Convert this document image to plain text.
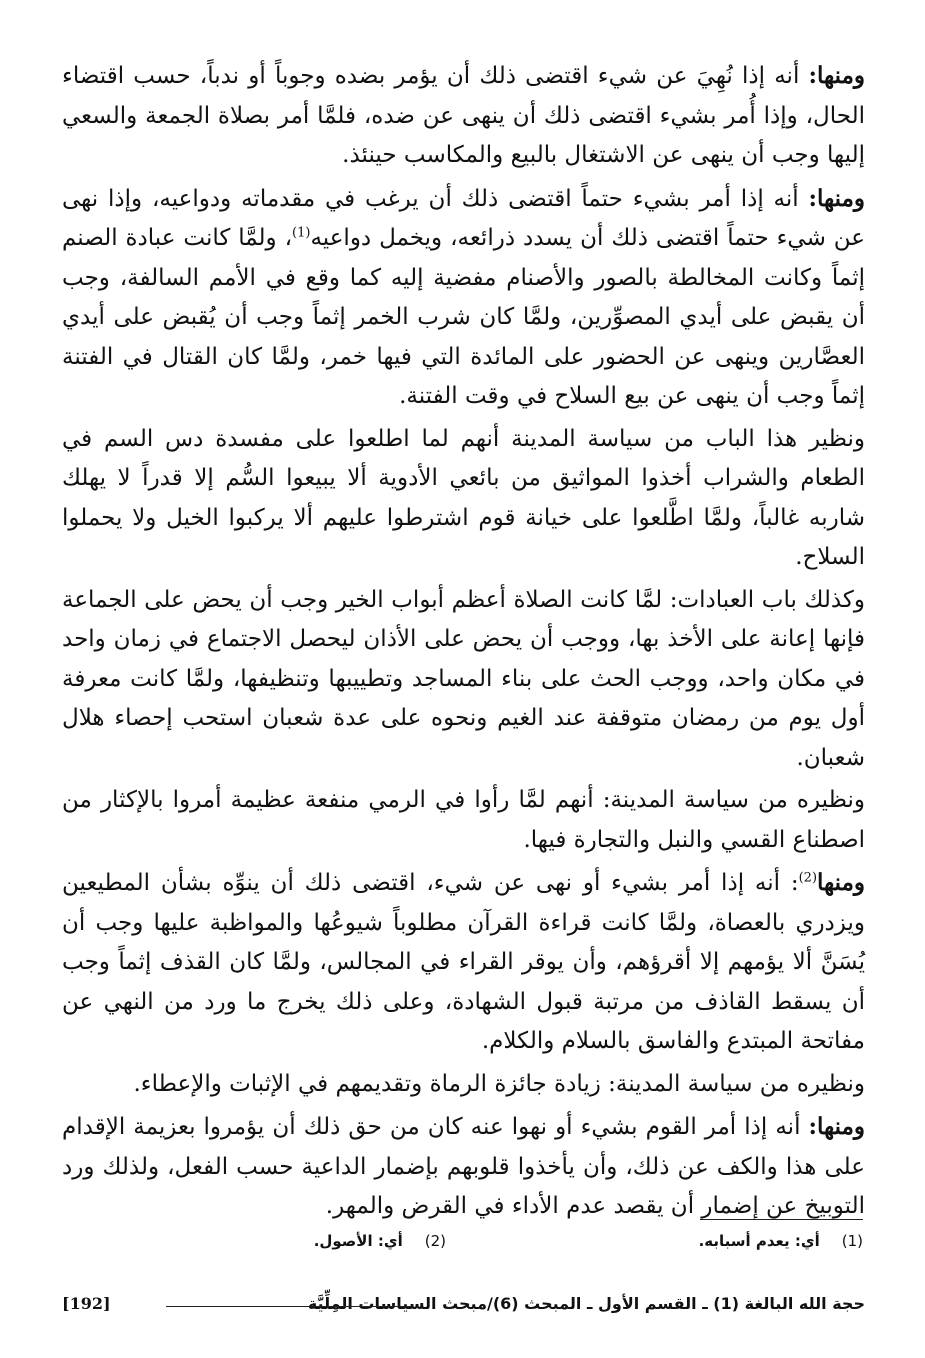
ومنها: أنه إذا نُهِيَ عن شيء اقتضى ذلك أن يؤمر بضده وجوباً أو ندباً، حسب اقتضاء الحال، وإذا أُمر بشيء اقتضى ذلك أن ينهى عن ضده، فلمَّا أمر بصلاة الجمعة والسعي إليها وجب أن ينهى عن الاشتغال بالبيع والمكاسب حينئذ.

ومنها: أنه إذا أمر بشيء حتماً اقتضى ذلك أن يرغب في مقدماته ودواعيه، وإذا نهى عن شيء حتماً اقتضى ذلك أن يسدد ذرائعه، ويخمل دواعيه$^{(1)}$، ولمَّا كانت عبادة الصنم إثماً وكانت المخالطة بالصور والأصنام مفضية إليه كما وقع في الأمم السالفة، وجب أن يقبض على أيدي المصوِّرين، ولمَّا كان شرب الخمر إثماً وجب أن يُقبض على أيدي العصَّارين وينهى عن الحضور على المائدة التي فيها خمر، ولمَّا كان القتال في الفتنة إثماً وجب أن ينهى عن بيع السلاح في وقت الفتنة.

ونظير هذا الباب من سياسة المدينة أنهم لما اطلعوا على مفسدة دس السم في الطعام والشراب أخذوا المواثيق من بائعي الأدوية ألا يبيعوا السُّم إلا قدراً لا يهلك شاربه غالباً، ولمَّا اطَّلعوا على خيانة قوم اشترطوا عليهم ألا يركبوا الخيل ولا يحملوا السلاح.

وكذلك باب العبادات: لمَّا كانت الصلاة أعظم أبواب الخير وجب أن يحض على الجماعة فإنها إعانة على الأخذ بها، ووجب أن يحض على الأذان ليحصل الاجتماع في زمان واحد في مكان واحد، ووجب الحث على بناء المساجد وتطييبها وتنظيفها، ولمَّا كانت معرفة أول يوم من رمضان متوقفة عند الغيم ونحوه على عدة شعبان استحب إحصاء هلال شعبان.

ونظيره من سياسة المدينة: أنهم لمَّا رأوا في الرمي منفعة عظيمة أمروا بالإكثار من اصطناع القسي والنبل والتجارة فيها.

ومنها$^{(2)}$: أنه إذا أمر بشيء أو نهى عن شيء، اقتضى ذلك أن ينوِّه بشأن المطيعين ويزدري بالعصاة، ولمَّا كانت قراءة القرآن مطلوباً شيوعُها والمواظبة عليها وجب أن يُسَنَّ ألا يؤمهم إلا أقرؤهم، وأن يوقر القراء في المجالس، ولمَّا كان القذف إثماً وجب أن يسقط القاذف من مرتبة قبول الشهادة، وعلى ذلك يخرج ما ورد من النهي عن مفاتحة المبتدع والفاسق بالسلام والكلام.

ونظيره من سياسة المدينة: زيادة جائزة الرماة وتقديمهم في الإثبات والإعطاء.

ومنها: أنه إذا أمر القوم بشيء أو نهوا عنه كان من حق ذلك أن يؤمروا بعزيمة الإقدام على هذا والكف عن ذلك، وأن يأخذوا قلوبهم بإضمار الداعية حسب الفعل، ولذلك ورد التوبيخ عن إضمار أن يقصد عدم الأداء في القرض والمهر.

(1)أي: يعدم أسبابه.
(2)أي: الأصول.
حجة الله البالغة (1) ـ القسم الأول ـ المبحث (6)/مبحث السياسات المِلِّيَّة
[192]
